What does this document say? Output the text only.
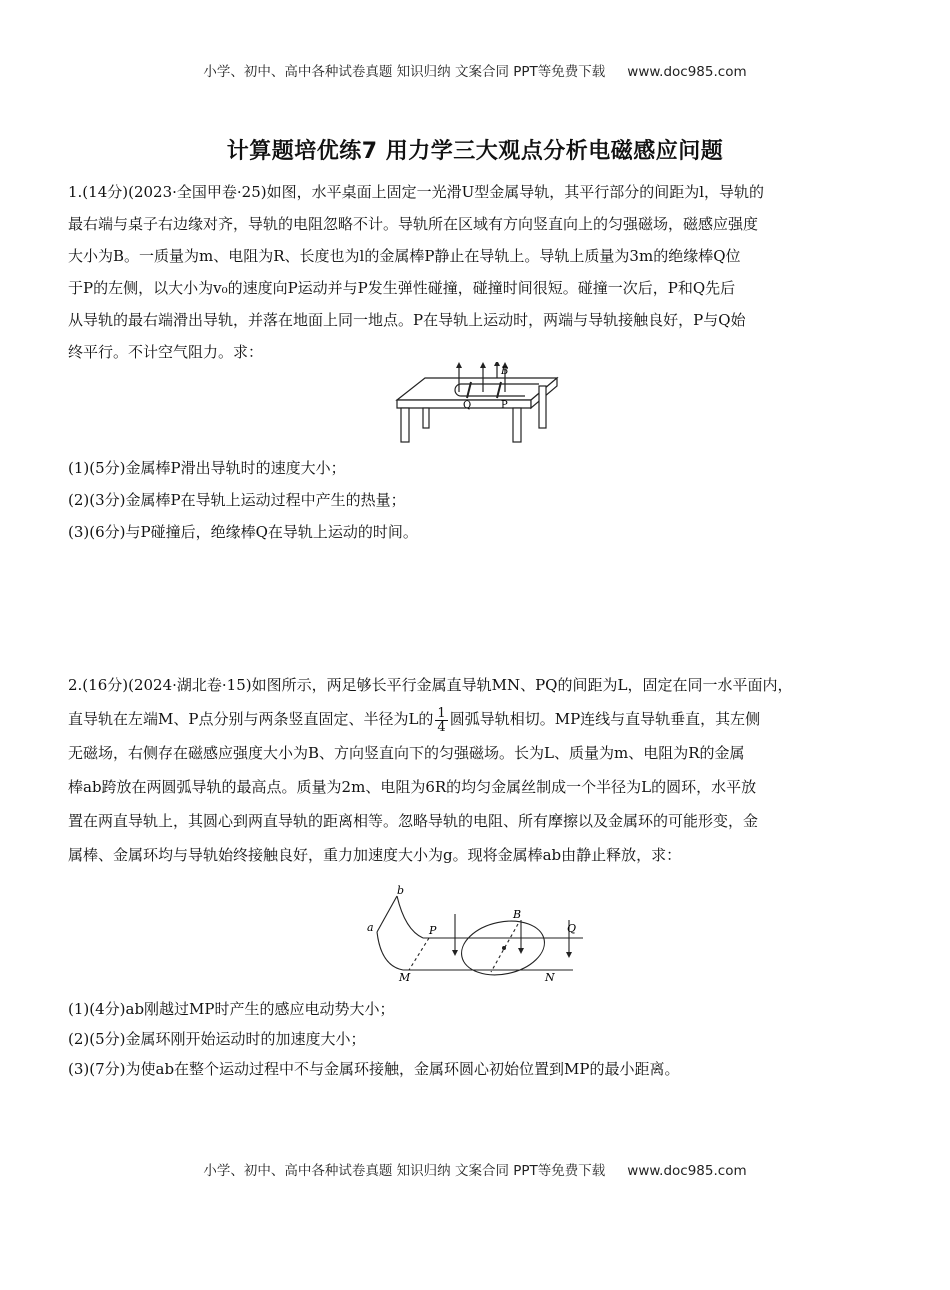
小学、初中、高中各种试卷真题 知识归纳 文案合同 PPT等免费下载 www.doc985.com
计算题培优练7 用力学三大观点分析电磁感应问题
1.(14分)(2023·全国甲卷·25)如图，水平桌面上固定一光滑U型金属导轨，其平行部分的间距为l，导轨的
最右端与桌子右边缘对齐，导轨的电阻忽略不计。导轨所在区域有方向竖直向上的匀强磁场，磁感应强度
大小为B。一质量为m、电阻为R、长度也为l的金属棒P静止在导轨上。导轨上质量为3m的绝缘棒Q位
于P的左侧，以大小为v₀的速度向P运动并与P发生弹性碰撞，碰撞时间很短。碰撞一次后，P和Q先后
从导轨的最右端滑出导轨，并落在地面上同一地点。P在导轨上运动时，两端与导轨接触良好，P与Q始
终平行。不计空气阻力。求：
B
Q	P
(1)(5分)金属棒P滑出导轨时的速度大小；
(2)(3分)金属棒P在导轨上运动过程中产生的热量；
(3)(6分)与P碰撞后，绝缘棒Q在导轨上运动的时间。
2.(16分)(2024·湖北卷·15)如图所示，两足够长平行金属直导轨MN、PQ的间距为L，固定在同一水平面内，
直导轨在左端M、P点分别与两条竖直固定、半径为L的 $\frac{1}{4}$ 圆弧导轨相切。MP连线与直导轨垂直，其左侧
无磁场，右侧存在磁感应强度大小为B、方向竖直向下的匀强磁场。长为L、质量为m、电阻为R的金属
棒ab跨放在两圆弧导轨的最高点。质量为2m、电阻为6R的均匀金属丝制成一个半径为L的圆环，水平放
置在两直导轨上，其圆心到两直导轨的距离相等。忽略导轨的电阻、所有摩擦以及金属环的可能形变，金
属棒、金属环均与导轨始终接触良好，重力加速度大小为g。现将金属棒ab由静止释放，求：
b
a	P
M
B
Q
N
(1)(4分)ab刚越过MP时产生的感应电动势大小；
(2)(5分)金属环刚开始运动时的加速度大小；
(3)(7分)为使ab在整个运动过程中不与金属环接触，金属环圆心初始位置到MP的最小距离。
小学、初中、高中各种试卷真题 知识归纳 文案合同 PPT等免费下载 www.doc985.com
